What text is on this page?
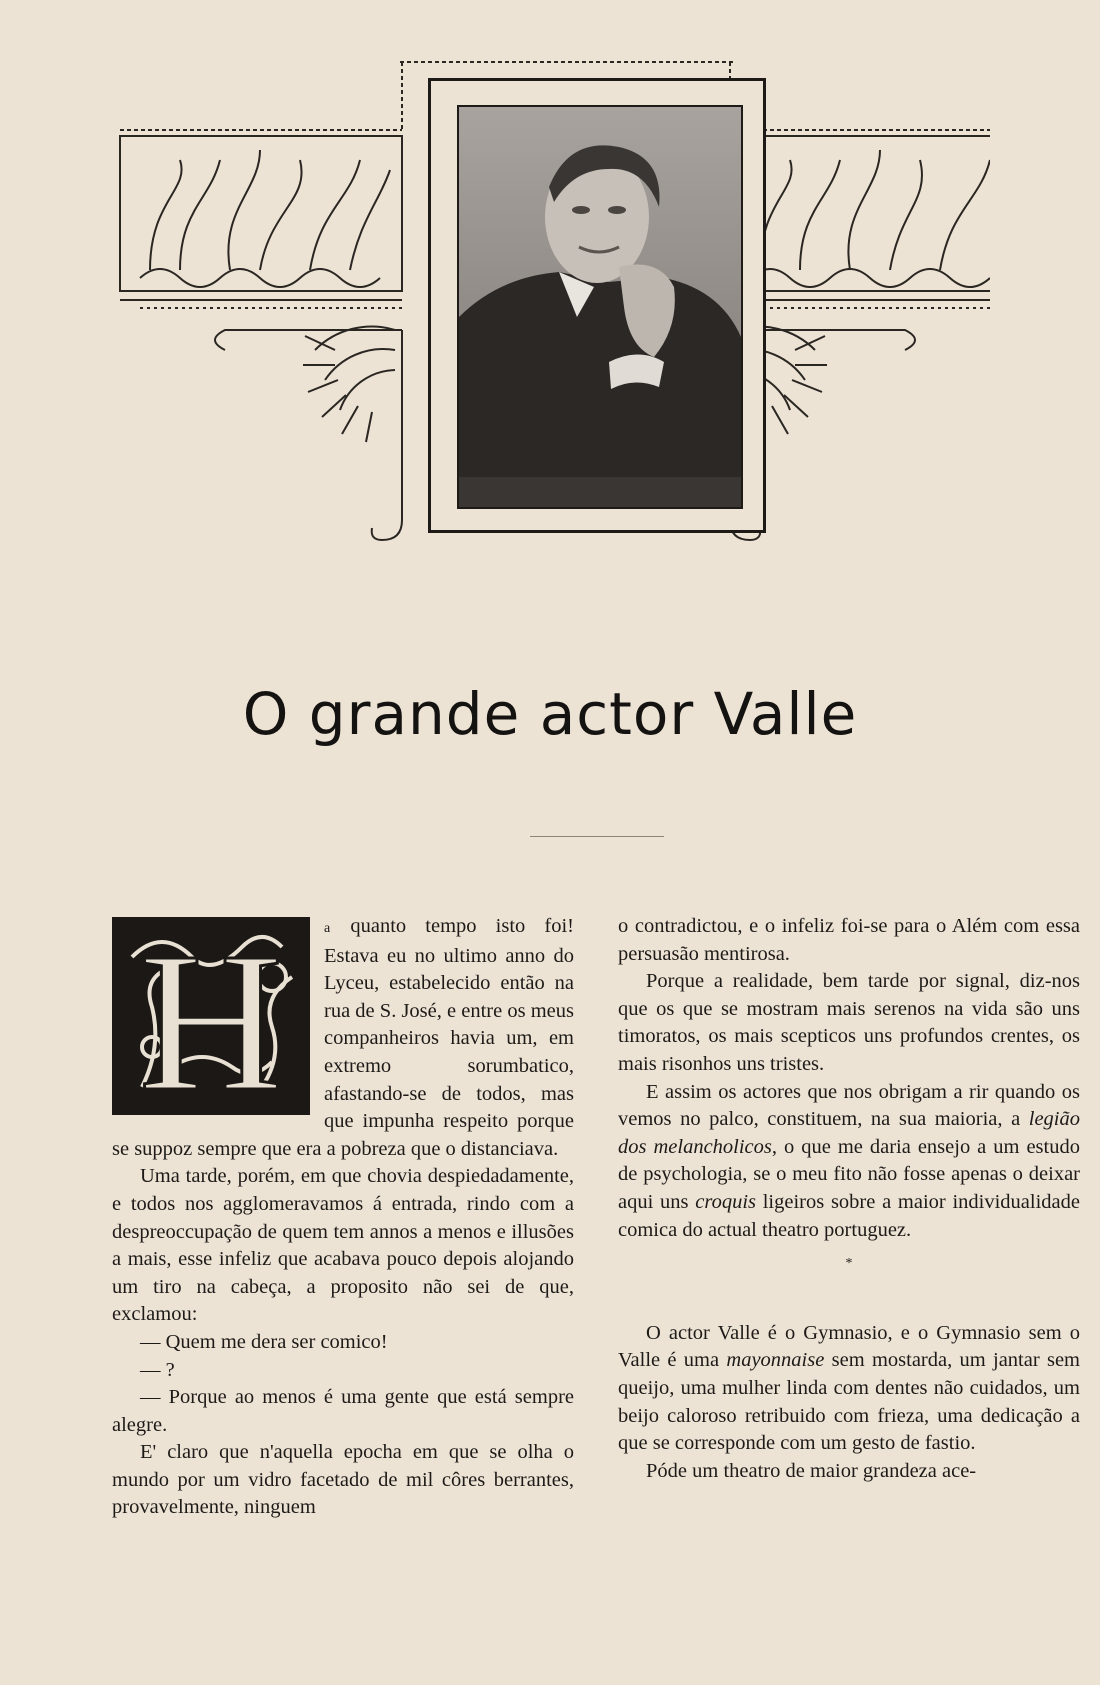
O grande actor Valle

H	a quanto tempo isto foi! Estava eu no ultimo anno do Lyceu, estabelecido então na rua de S. José, e entre os meus companheiros havia um, em extremo sorumbatico, afastando-se de todos, mas que impunha respeito porque se suppoz sempre que era a pobreza que o distanciava.

Uma tarde, porém, em que chovia despiedadamente, e todos nos agglomeravamos á entrada, rindo com a despreoccupação de quem tem annos a menos e illusões a mais, esse infeliz que acabava pouco depois alojando um tiro na cabeça, a proposito não sei de que, exclamou:

— Quem me dera ser comico!

— ?

— Porque ao menos é uma gente que está sempre alegre.

E' claro que n'aquella epocha em que se olha o mundo por um vidro facetado de mil côres berrantes, provavelmente, ninguem

o contradictou, e o infeliz foi-se para o Além com essa persuasão mentirosa.

Porque a realidade, bem tarde por signal, diz-nos que os que se mostram mais serenos na vida são uns timoratos, os mais scepticos uns profundos crentes, os mais risonhos uns tristes.

E assim os actores que nos obrigam a rir quando os vemos no palco, constituem, na sua maioria, a legião dos melancholicos, o que me daria ensejo a um estudo de psychologia, se o meu fito não fosse apenas o deixar aqui uns croquis ligeiros sobre a maior individualidade comica do actual theatro portuguez.

*

O actor Valle é o Gymnasio, e o Gymnasio sem o Valle é uma mayonnaise sem mostarda, um jantar sem queijo, uma mulher linda com dentes não cuidados, um beijo caloroso retribuido com frieza, uma dedicação a que se corresponde com um gesto de fastio.

Póde um theatro de maior grandeza ace-
